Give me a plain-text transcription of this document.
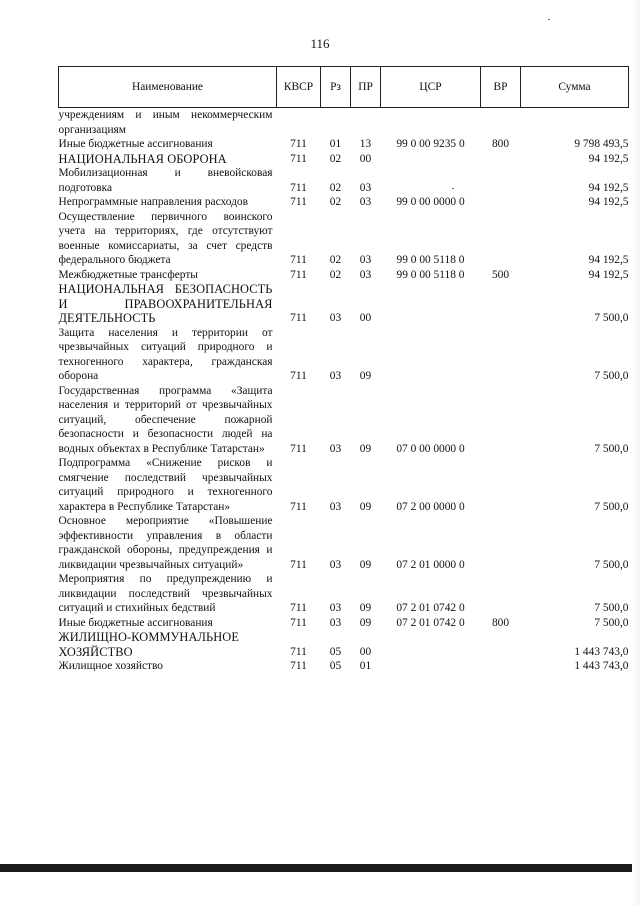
116
Наименование	КВСР	Рз	ПР	ЦСР	ВР	Сумма
учреждениям и иным некоммерческим организациям						
Иные бюджетные ассигнования	711	01	13	99 0 00 9235 0	800	9 798 493,5
НАЦИОНАЛЬНАЯ ОБОРОНА	711	02	00			94 192,5
Мобилизационная и вневойсковая подготовка	711	02	03			94 192,5
Непрограммные направления расходов	711	02	03	99 0 00 0000 0		94 192,5
Осуществление первичного воинского учета на территориях, где отсутствуют военные комиссариаты, за счет средств федерального бюджета	711	02	03	99 0 00 5118 0		94 192,5
Межбюджетные трансферты	711	02	03	99 0 00 5118 0	500	94 192,5
НАЦИОНАЛЬНАЯ БЕЗОПАСНОСТЬ И ПРАВООХРАНИТЕЛЬНАЯ ДЕЯТЕЛЬНОСТЬ	711	03	00			7 500,0
Защита населения и территории от чрезвычайных ситуаций природного и техногенного характера, гражданская оборона	711	03	09			7 500,0
Государственная программа «Защита населения и территорий от чрезвычайных ситуаций, обеспечение пожарной безопасности и безопасности людей на водных объектах в Республике Татарстан»	711	03	09	07 0 00 0000 0		7 500,0
Подпрограмма «Снижение рисков и смягчение последствий чрезвычайных ситуаций природного и техногенного характера в Республике Татарстан»	711	03	09	07 2 00 0000 0		7 500,0
Основное мероприятие «Повышение эффективности управления в области гражданской обороны, предупреждения и ликвидации чрезвычайных ситуаций»	711	03	09	07 2 01 0000 0		7 500,0
Мероприятия по предупреждению и ликвидации последствий чрезвычайных ситуаций и стихийных бедствий	711	03	09	07 2 01 0742 0		7 500,0
Иные бюджетные ассигнования	711	03	09	07 2 01 0742 0	800	7 500,0
ЖИЛИЩНО-КОММУНАЛЬНОЕ ХОЗЯЙСТВО	711	05	00			1 443 743,0
Жилищное хозяйство	711	05	01			1 443 743,0
